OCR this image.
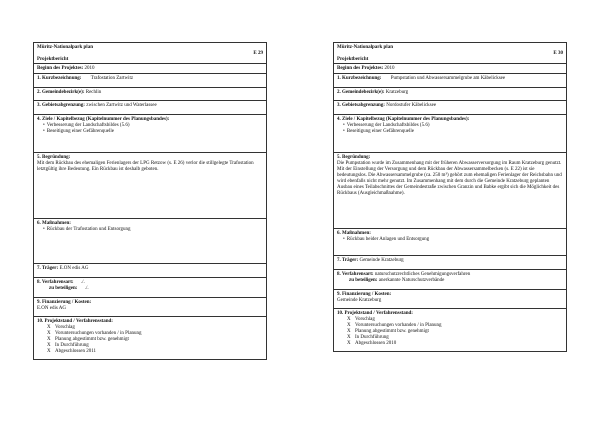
Müritz-Nationalpark plan
E 29
Projektbericht
Beginn des Projektes: 2010
1. Kurzbezeichnung: Trafostation Zartwitz
2. Gemeindebezirk(e): Rechlin
3. Gebietsabgrenzung: zwischen Zartwitz und Waterlassee
4. Ziele / Kapitelbezug (Kapitelnummer des Planungsbandes):
• Verbesserung der Landschaftsbildes (5.6)
• Beseitigung einer Gefährenquelle
5. Begründung:
Mit dem Rückbau des ehemaligen Ferienlagers der LPG Retzow (s. E 26) verlor die stillgelegte Trafostation letztgültig ihre Bedeutung. Ein Rückbau ist deshalb geboten.
6. Maßnahmen:
• Rückbau der Trafostation und Entsorgung
7. Träger: E.ON edis AG
8. Verfahrensart: ./.
zu beteiligen: ./.
9. Finanzierung / Kosten:
E.ON edis AG
10. Projektstand / Verfahrensstand:
X Vorschlag
X Voruntersuchungen vorhanden / in Planung
X Planung abgestimmt bzw. genehmigt
X In Durchführung
X Abgeschlossen 2011
Müritz-Nationalpark plan
E 30
Projektbericht
Beginn des Projektes: 2010
1. Kurzbezeichnung: Pumpstation und Abwassersammelgrube am Käbelicksee
2. Gemeindebezirk(e): Kratzeburg
3. Gebietsabgrenzung: Nordostufer Käbelicksee
4. Ziele / Kapitelbezug (Kapitelnummer des Planungsbandes):
• Verbesserung der Landschaftsbildes (5.6)
• Beseitigung einer Gefährenquelle
5. Begründung:
Die Pumpstation wurde im Zusammenhang mit der früheren Abwasserversorgung im Raum Kratzeburg genutzt. Mit der Einstellung der Versorgung und dem Rückbau der Abwassersammelbecken (s. E 22) ist sie bedeutungslos. Die Abwassersammelgrube (ca. 250 m³) gehört zum ehemaligen Ferienlager der Reichsbahn und wird ebenfalls nicht mehr genutzt. Im Zusammenhang mit dem durch die Gemeinde Kratzeburg geplanten Ausbau eines Teilabschnittes der Gemeindestraße zwischen Granzin und Babke ergibt sich die Möglichkeit des Rückbaus (Ausgleichmaßnahme).
6. Maßnahmen:
• Rückbau beider Anlagen und Entsorgung
7. Träger: Gemeinde Kratzeburg
8. Verfahrensart: naturschutzrechtliches Genehmigungsverfahren
zu beteiligen: anerkannte Naturschutzverbände
9. Finanzierung / Kosten:
Gemeinde Kratzeburg
10. Projektstand / Verfahrensstand:
X Vorschlag
X Voruntersuchungen vorhanden / in Planung
X Planung abgestimmt bzw. genehmigt
X In Durchführung
X Abgeschlossen 2010
